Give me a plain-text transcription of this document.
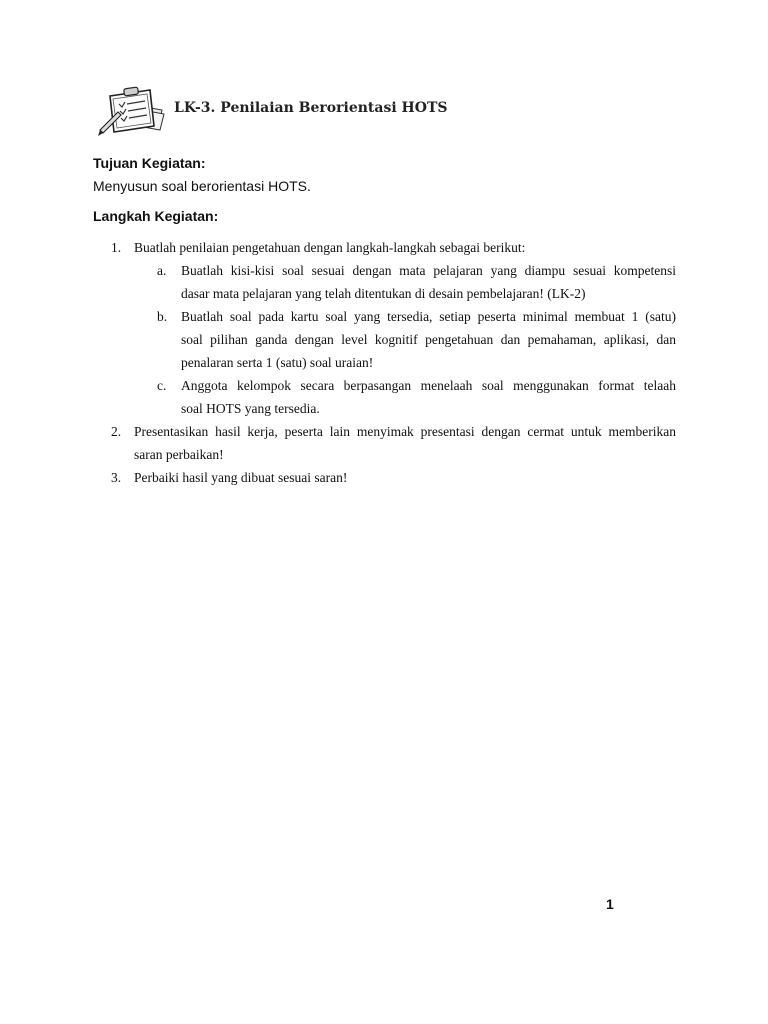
LK-3. Penilaian Berorientasi HOTS
Tujuan Kegiatan:
Menyusun soal berorientasi HOTS.
Langkah Kegiatan:
1. Buatlah penilaian pengetahuan dengan langkah-langkah sebagai berikut:
a. Buatlah kisi-kisi soal sesuai dengan mata pelajaran yang diampu sesuai kompetensi
dasar mata pelajaran yang telah ditentukan di desain pembelajaran! (LK-2)
b. Buatlah soal pada kartu soal yang tersedia, setiap peserta minimal membuat 1 (satu)
soal pilihan ganda dengan level kognitif pengetahuan dan pemahaman, aplikasi, dan
penalaran serta 1 (satu) soal uraian!
c. Anggota kelompok secara berpasangan menelaah soal menggunakan format telaah
soal HOTS yang tersedia.
2. Presentasikan hasil kerja, peserta lain menyimak presentasi dengan cermat untuk memberikan
saran perbaikan!
3. Perbaiki hasil yang dibuat sesuai saran!
1
